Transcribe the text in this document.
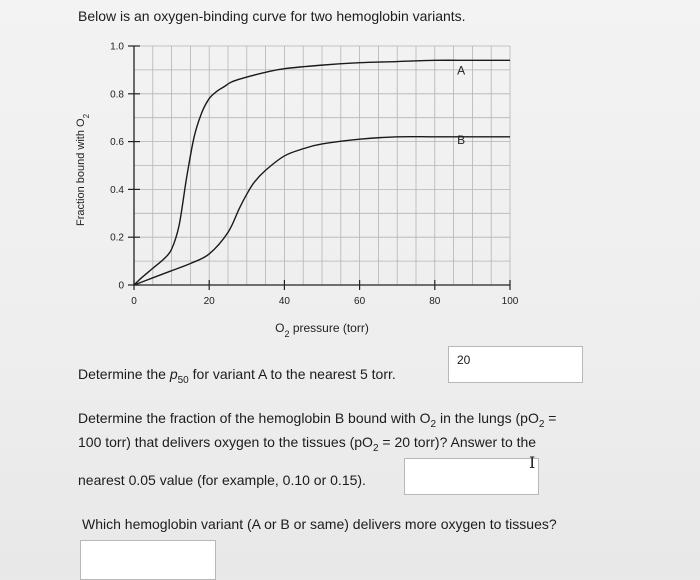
Below is an oxygen-binding curve for two hemoglobin variants.
0	20	40	60	80	100
0
0.2
0.4
0.6
0.8
1.0
A
B
$O_2$ pressure (torr)
Fraction bound with $O_2$
Determine the $p_{50}$ for variant A to the nearest 5 torr.
20
Determine the fraction of the hemoglobin B bound with $O_2$ in the lungs ($pO_2$ =
100 torr) that delivers oxygen to the tissues ($pO_2 = 20$ torr)? Answer to the
nearest 0.05 value (for example, 0.10 or 0.15).
I
Which hemoglobin variant (A or B or same) delivers more oxygen to tissues?
